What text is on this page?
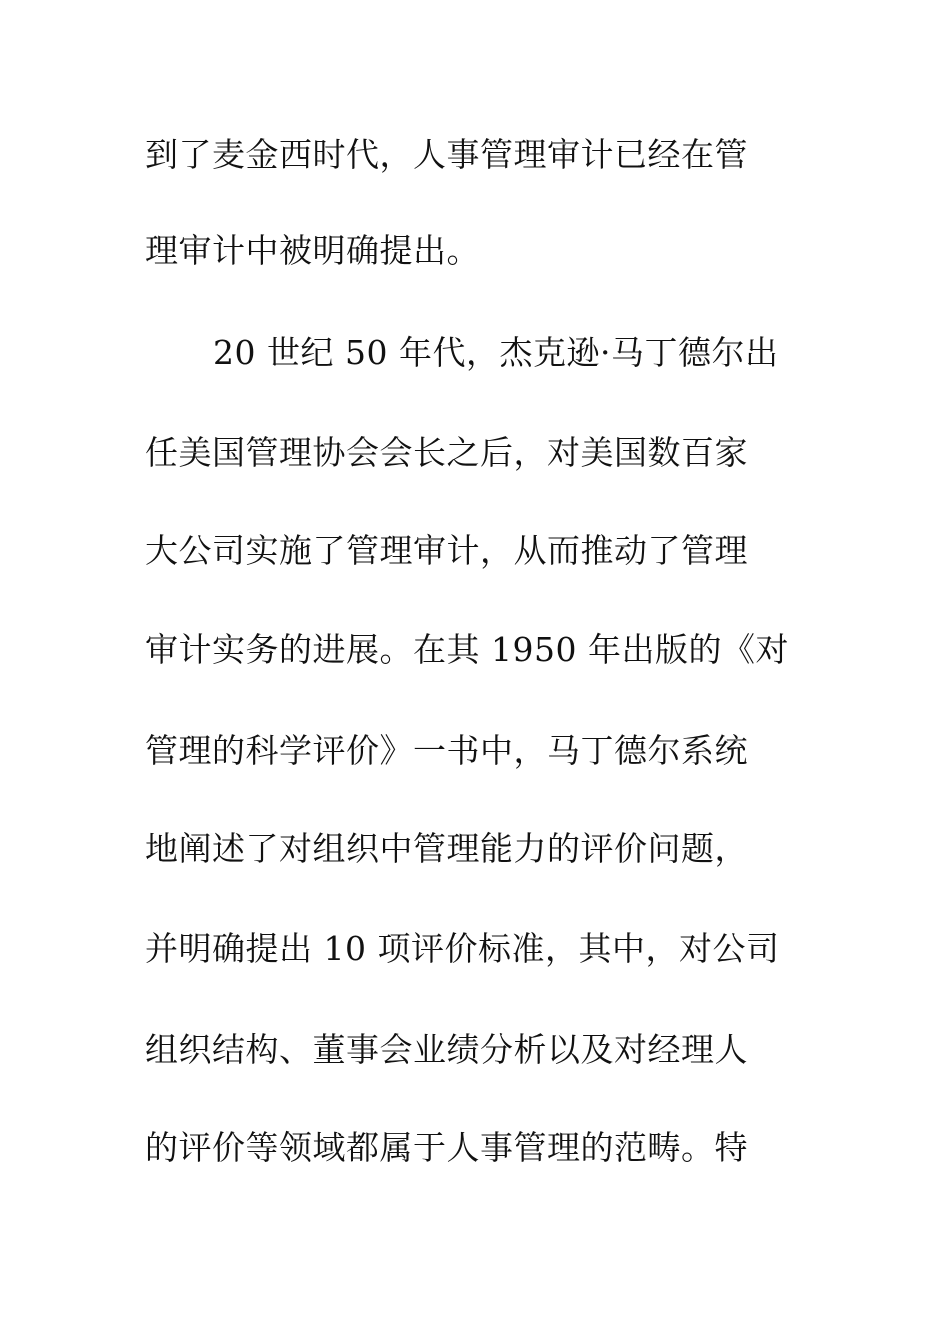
到了麦金西时代，人事管理审计已经在管
理审计中被明确提出。
20 世纪 50 年代，杰克逊·马丁德尔出
任美国管理协会会长之后，对美国数百家
大公司实施了管理审计，从而推动了管理
审计实务的进展。在其 1950 年出版的《对
管理的科学评价》一书中，马丁德尔系统
地阐述了对组织中管理能力的评价问题，
并明确提出 10 项评价标准，其中，对公司
组织结构、董事会业绩分析以及对经理人
的评价等领域都属于人事管理的范畴。特
